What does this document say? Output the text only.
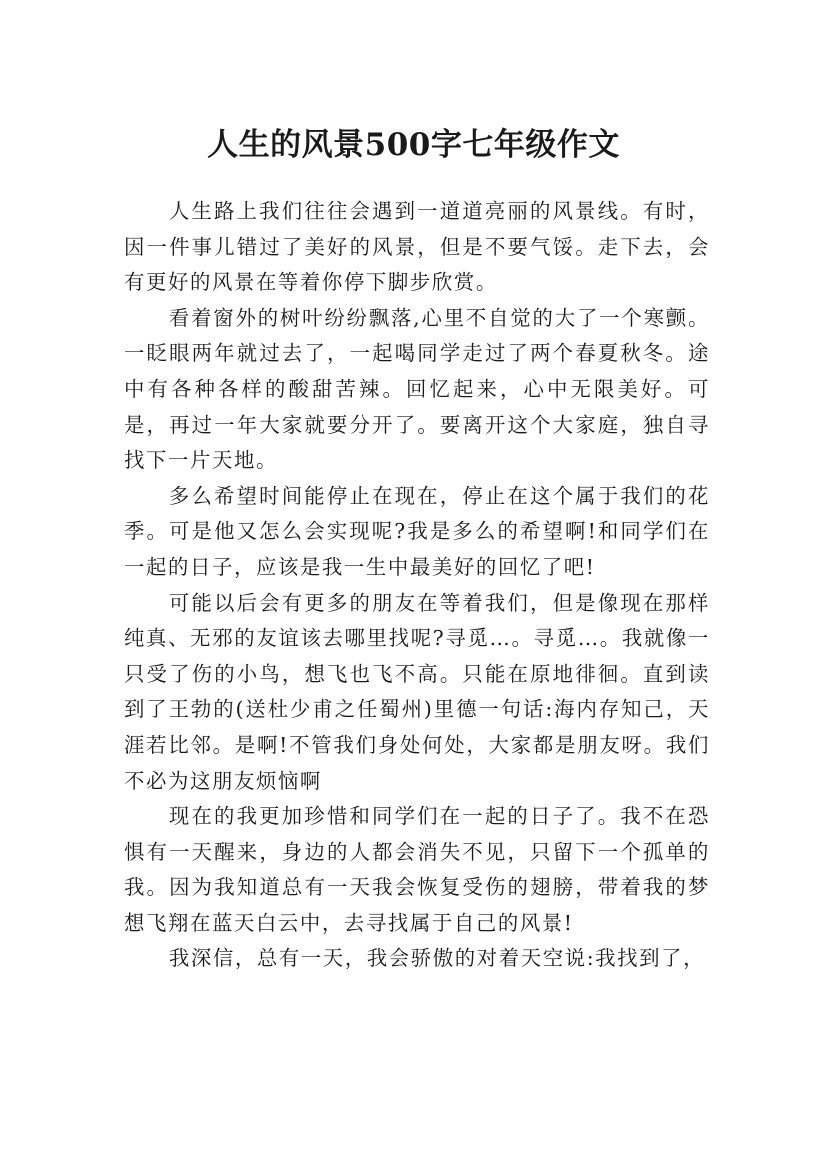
人生的风景500字七年级作文

人生路上我们往往会遇到一道道亮丽的风景线。有时，因一件事儿错过了美好的风景，但是不要气馁。走下去，会有更好的风景在等着你停下脚步欣赏。

看着窗外的树叶纷纷飘落,心里不自觉的大了一个寒颤。一眨眼两年就过去了，一起喝同学走过了两个春夏秋冬。途中有各种各样的酸甜苦辣。回忆起来，心中无限美好。可是，再过一年大家就要分开了。要离开这个大家庭，独自寻找下一片天地。

多么希望时间能停止在现在，停止在这个属于我们的花季。可是他又怎么会实现呢?我是多么的希望啊!和同学们在一起的日子，应该是我一生中最美好的回忆了吧!

可能以后会有更多的朋友在等着我们，但是像现在那样纯真、无邪的友谊该去哪里找呢?寻觅…。寻觅…。我就像一只受了伤的小鸟，想飞也飞不高。只能在原地徘徊。直到读到了王勃的(送杜少甫之任蜀州)里德一句话:海内存知己，天涯若比邻。是啊!不管我们身处何处，大家都是朋友呀。我们不必为这朋友烦恼啊

现在的我更加珍惜和同学们在一起的日子了。我不在恐惧有一天醒来，身边的人都会消失不见，只留下一个孤单的我。因为我知道总有一天我会恢复受伤的翅膀，带着我的梦想飞翔在蓝天白云中，去寻找属于自己的风景!

我深信，总有一天，我会骄傲的对着天空说:我找到了，
